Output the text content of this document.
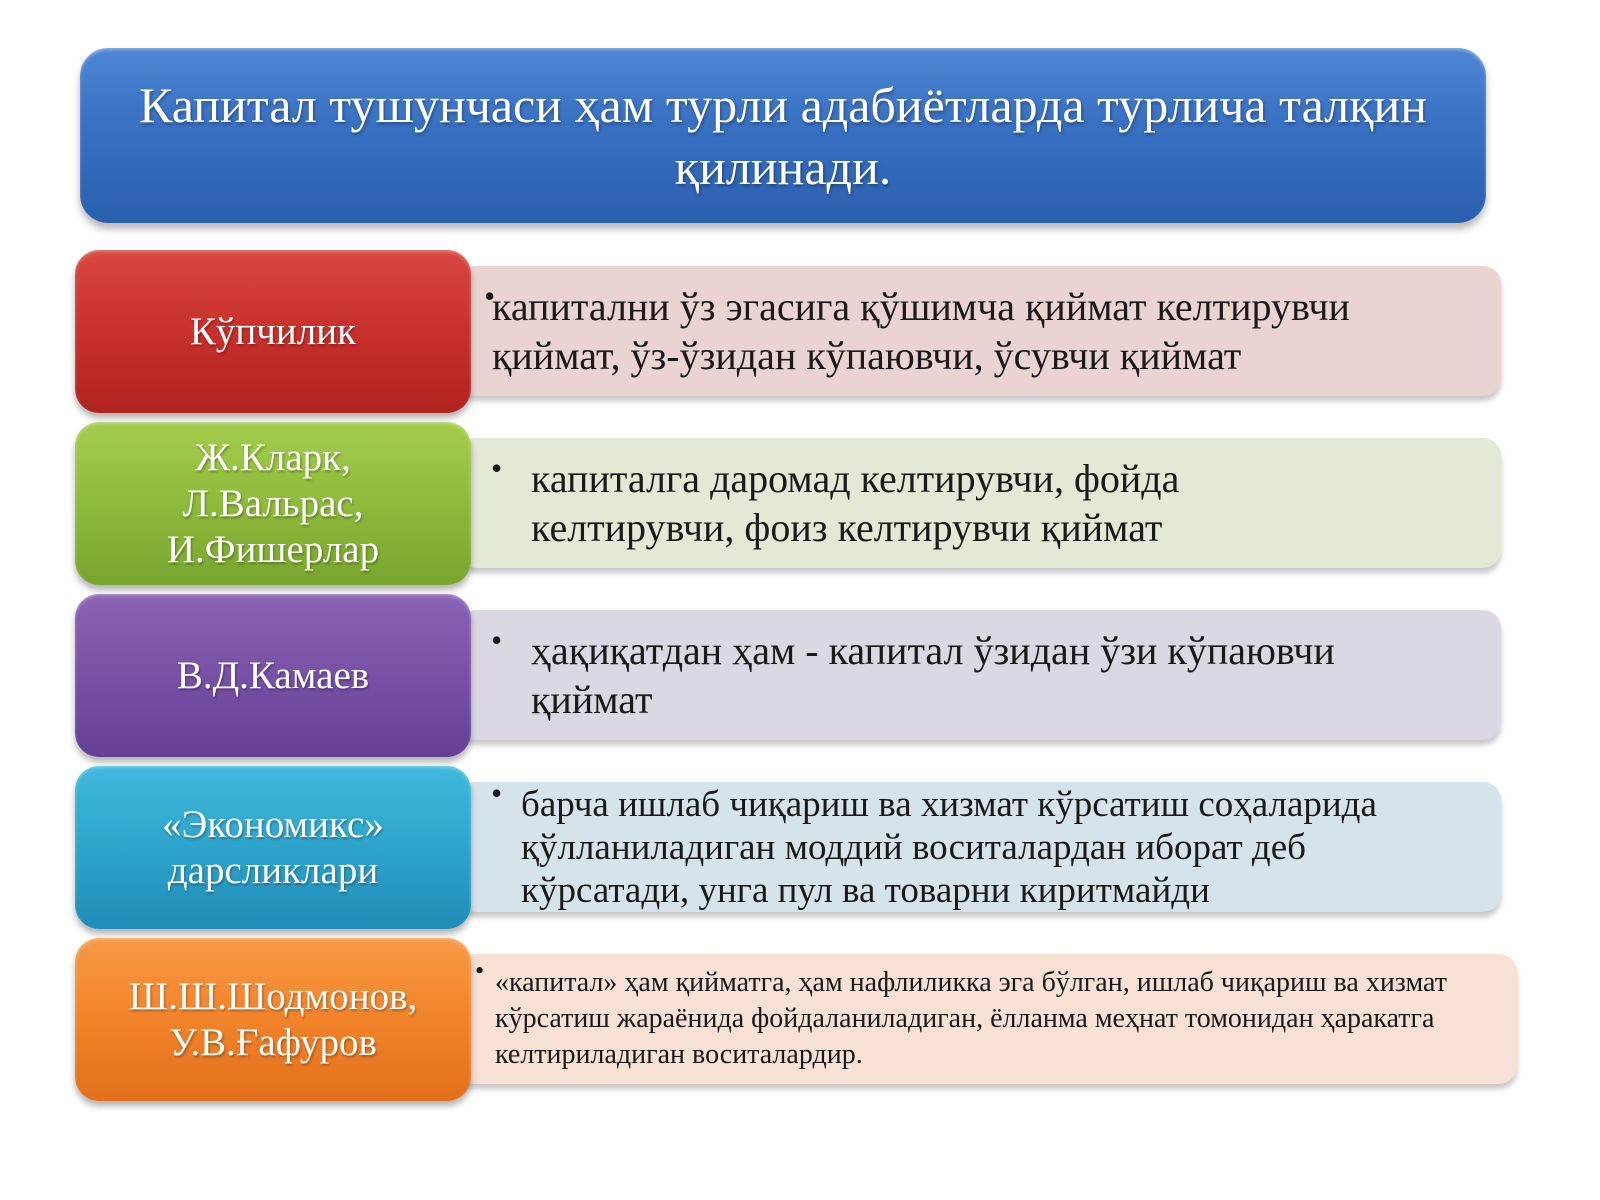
Капитал тушунчаси ҳам турли адабиётларда турлича талқин қилинади.
•
капитални ўз эгасига қўшимча қиймат келтирувчи қиймат, ўз-ўзидан кўпаювчи, ўсувчи қиймат
Кўпчилик
• капиталга даромад келтирувчи, фойда келтирувчи, фоиз келтирувчи қиймат
Ж.Кларк, Л.Вальрас, И.Фишерлар
• ҳақиқатдан ҳам - капитал ўзидан ўзи кўпаювчи қиймат
В.Д.Камаев
• барча ишлаб чиқариш ва хизмат кўрсатиш соҳаларида қўлланиладиган моддий воситалардан иборат деб кўрсатади, унга пул ва товарни киритмайди
«Экономикс» дарсликлари
• «капитал» ҳам қийматга, ҳам нафлиликка эга бўлган, ишлаб чиқариш ва хизмат кўрсатиш жараёнида фойдаланиладиган, ёлланма меҳнат томонидан ҳаракатга келтириладиган воситалардир.
Ш.Ш.Шодмонов, У.В.Ғафуров
